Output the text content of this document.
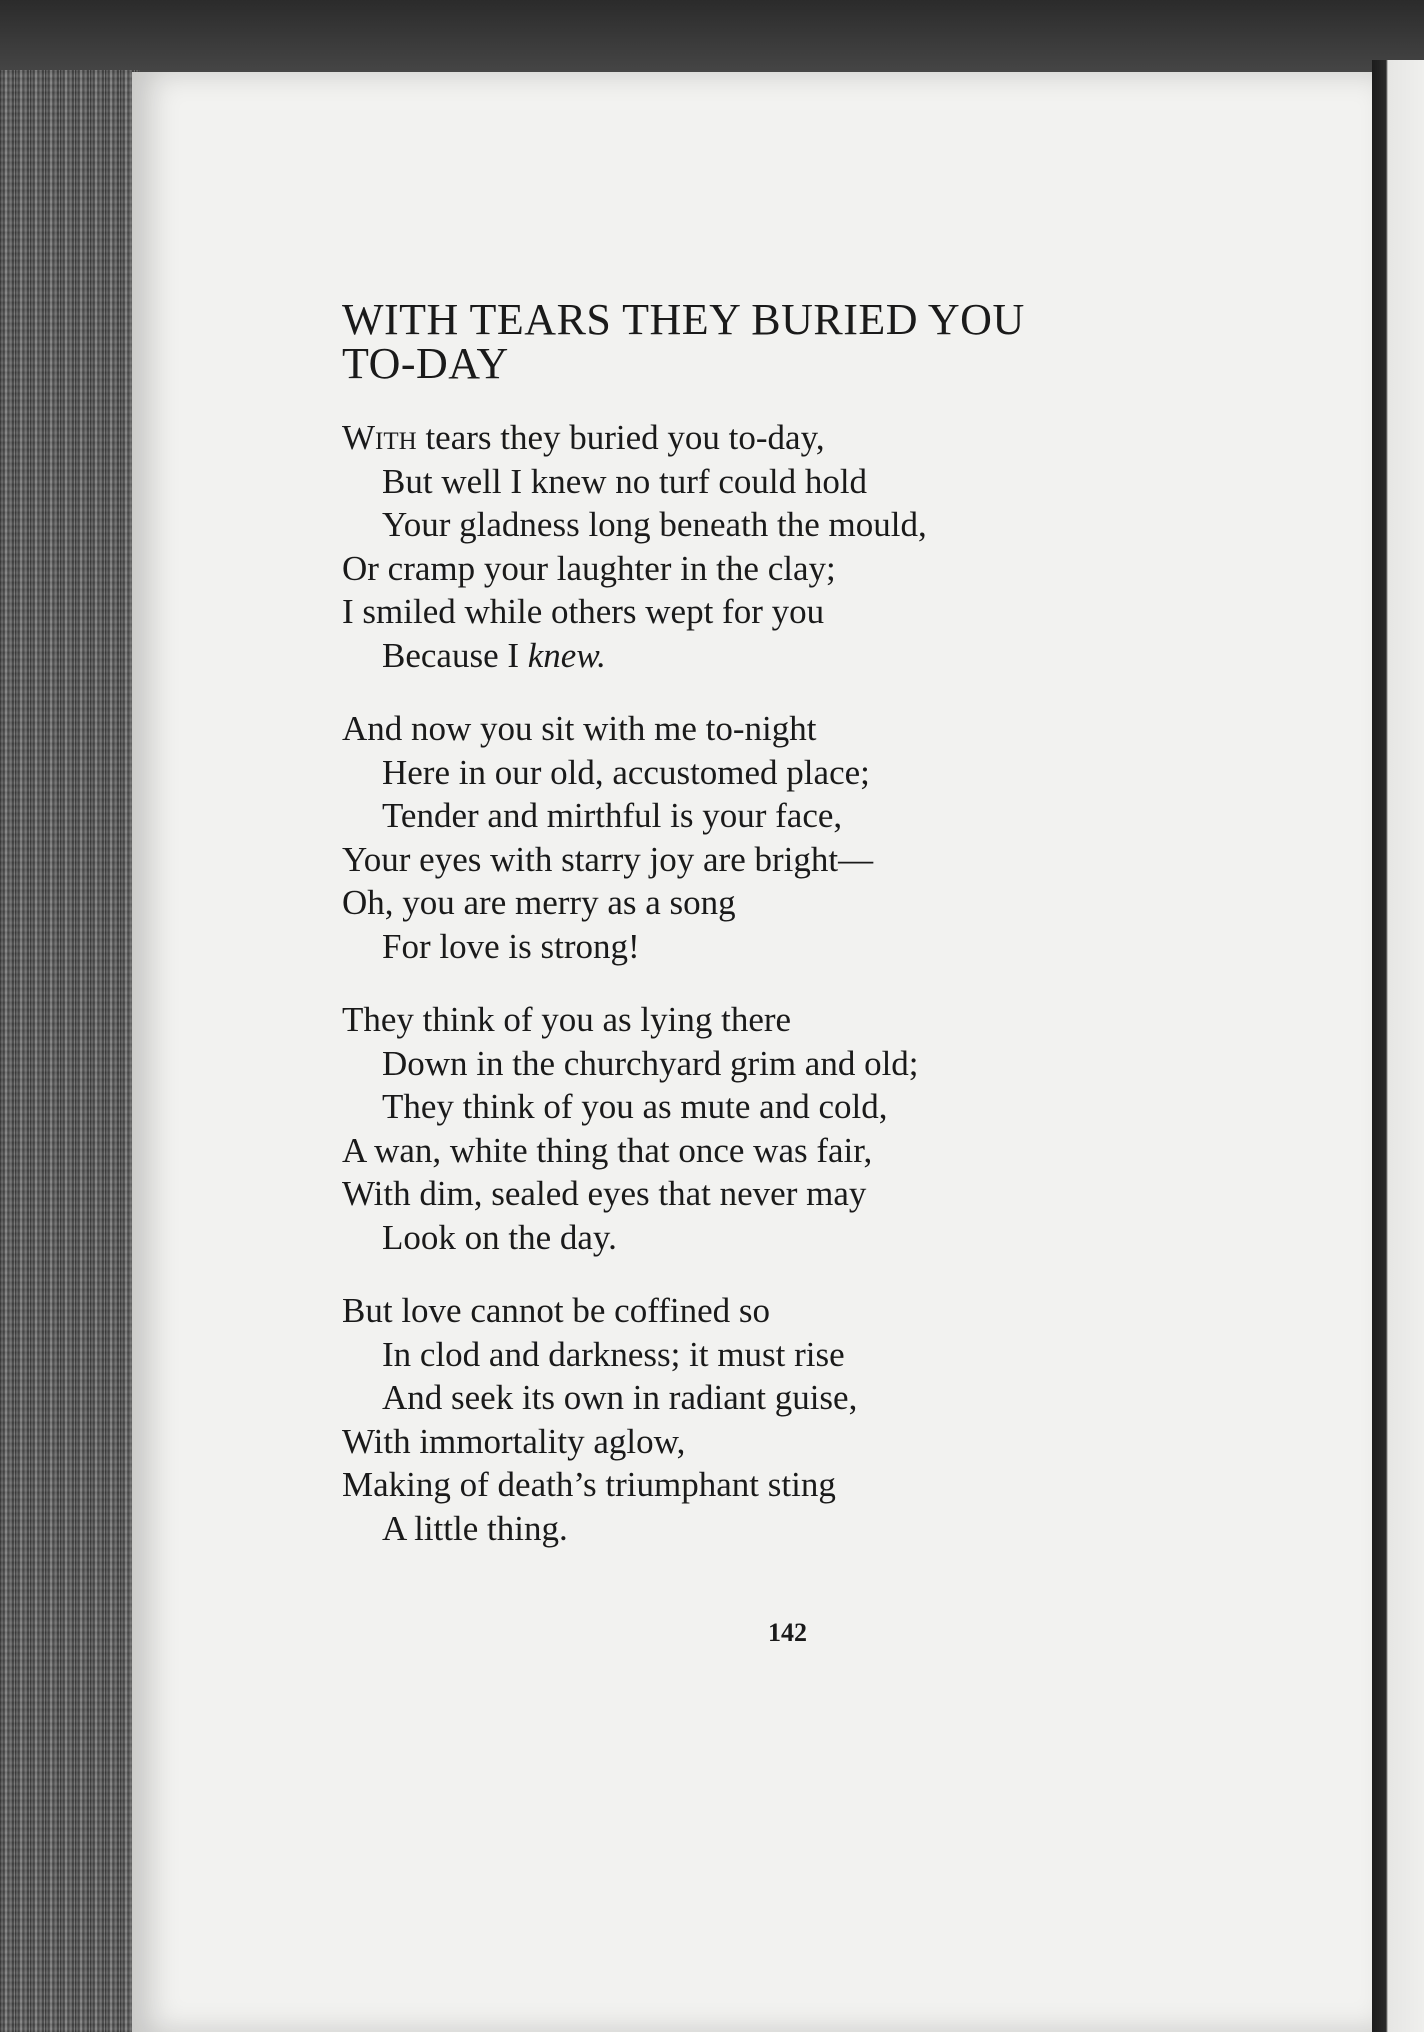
WITH TEARS THEY BURIED YOU
TO-DAY
With tears they buried you to-day,
But well I knew no turf could hold
Your gladness long beneath the mould,
Or cramp your laughter in the clay;
I smiled while others wept for you
Because I knew.
And now you sit with me to-night
Here in our old, accustomed place;
Tender and mirthful is your face,
Your eyes with starry joy are bright—
Oh, you are merry as a song
For love is strong!
They think of you as lying there
Down in the churchyard grim and old;
They think of you as mute and cold,
A wan, white thing that once was fair,
With dim, sealed eyes that never may
Look on the day.
But love cannot be coffined so
In clod and darkness; it must rise
And seek its own in radiant guise,
With immortality aglow,
Making of death’s triumphant sting
A little thing.
142
